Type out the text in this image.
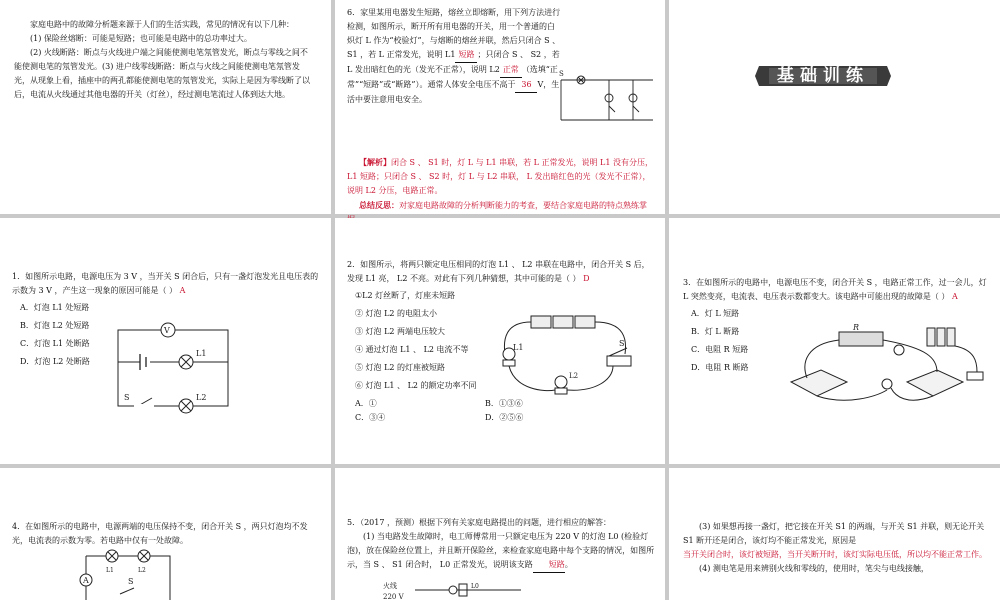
家庭电路中的故障分析题来源于人们的生活实践，常见的情况有以下几种：

(1) 保险丝熔断：可能是短路；也可能是电路中的总功率过大。

(2) 火线断路：断点与火线进户端之间能使测电笔氖管发光，断点与零线之间不能使测电笔的氖管发光。(3) 进户线零线断路：断点与火线之间能使测电笔氖管发光，从现象上看，插座中的两孔都能使测电笔的氖管发光，实际上是因为零线断了以后，电流从火线通过其他电器的开关（灯丝），经过测电笔流过人体到达大地。

6．家里某用电器发生短路，熔丝立即熔断，用下列方法进行检测，如图所示，断开所有用电器的开关，用一个普通的白炽灯 L 作为“校验灯”，与熔断的熔丝并联，然后只闭合 S 、 S1 ，若 L 正常发光，说明 L1 短路 ；只闭合 S 、 S2 ，若 L 发出暗红色的光（发光不正常），说明 L2 正常 （选填“正常”“短路”或“断路”）。通常人体安全电压不高于 36 V，生活中要注意用电安全。
S

【解析】闭合 S 、 S1 时，灯 L 与 L1 串联，若 L 正常发光，说明 L1 没有分压， L1 短路；只闭合 S 、 S2 时，灯 L 与 L2 串联， L 发出暗红色的光（发光不正常），说明 L2 分压，电路正常。

总结反思：对家庭电路故障的分析判断能力的考查，要结合家庭电路的特点熟练掌

基础训练

1．如图所示电路，电源电压为 3 V ，当开关 S 闭合后，只有一盏灯泡发光且电压表的示数为 3 V ，产生这一现象的原因可能是（ ） A

A．灯泡 L1 处短路

B．灯泡 L2 处短路

C．灯泡 L1 处断路

D．灯泡 L2 处断路

V
L1
L2
S

2．如图所示，将两只额定电压相同的灯泡 L1 、 L2 串联在电路中，闭合开关 S 后，发现 L1 亮， L2 不亮。对此有下列几种猜想，其中可能的是（ ） D

①L2 灯丝断了，灯座未短路

② 灯泡 L2 的电阻太小

③ 灯泡 L2 两端电压较大

④ 通过灯泡 L1 、 L2 电流不等

⑤ 灯泡 L2 的灯座被短路

⑥ 灯泡 L1 、 L2 的额定功率不同

A．①	B．①③⑥
C．③④	D．②⑤⑥
L1
L2
S

3．在如图所示的电路中，电源电压不变，闭合开关 S ，电路正常工作，过一会儿，灯 L 突然变亮，电流表、电压表示数都变大。该电路中可能出现的故障是（ ） A

A．灯 L 短路

B．灯 L 断路

C．电阻 R 短路

D．电阻 R 断路

R

4．在如图所示的电路中，电源两端的电压保持不变，闭合开关 S ，两只灯泡均不发光，电流表的示数为零。若电路中仅有一处故障。

A
L1	L2
S

5．（2017 ，预测）根据下列有关家庭电路提出的问题，进行相应的解答：

(1) 当电路发生故障时，电工师傅常用一只额定电压为 220 V 的灯泡 L0 (检验灯泡)，放在保险丝位置上，并且断开保险丝，来检查家庭电路中每个支路的情况，如图所示，当 S 、 S1 闭合时， L0 正常发光，说明该支路 短路。

火线
220 V
L0

(3) 如果想再接一盏灯，把它接在开关 S1 的两端，与开关 S1 并联，则无论开关 S1 断开还是闭合，该灯均不能正常发光，原因是

当开关闭合时，该灯被短路，当开关断开时，该灯实际电压低，所以均不能正常工作。

(4) 测电笔是用来辨别火线和零线的，使用时，笔尖与电线接触，
